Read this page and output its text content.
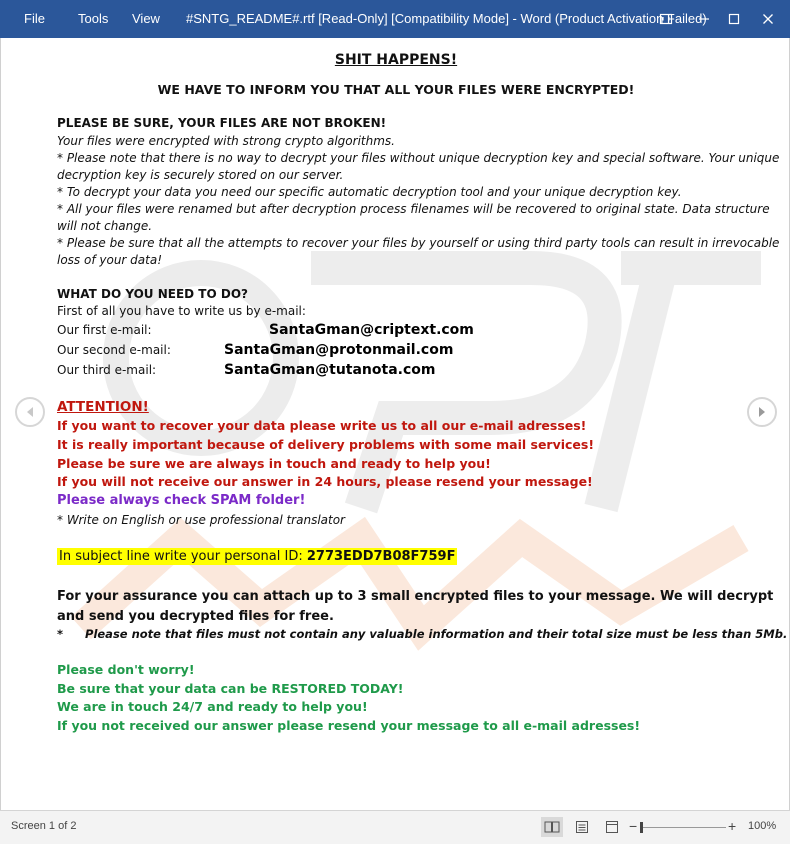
File	Tools View #SNTG_README#.rtf [Read-Only] [Compatibility Mode] - Word (Product Activation Failed)
SHIT HAPPENS!
WE HAVE TO INFORM YOU THAT ALL YOUR FILES WERE ENCRYPTED!
PLEASE BE SURE, YOUR FILES ARE NOT BROKEN!
Your files were encrypted with strong crypto algorithms.
* Please note that there is no way to decrypt your files without unique decryption key and special software. Your unique
decryption key is securely stored on our server.
* To decrypt your data you need our specific automatic decryption tool and your unique decryption key.
* All your files were renamed but after decryption process filenames will be recovered to original state. Data structure
will not change.
* Please be sure that all the attempts to recover your files by yourself or using third party tools can result in irrevocable
loss of your data!
WHAT DO YOU NEED TO DO?
First of all you have to write us by e-mail:
Our first e-mail:	SantaGman@criptext.com
Our second e-mail:	SantaGman@protonmail.com
Our third e-mail:	SantaGman@tutanota.com
ATTENTION!
If you want to recover your data please write us to all our e-mail adresses!
It is really important because of delivery problems with some mail services!
Please be sure we are always in touch and ready to help you!
If you will not receive our answer in 24 hours, please resend your message!
Please always check SPAM folder!
* Write on English or use professional translator
In subject line write your personal ID: 2773EDD7B08F759F
For your assurance you can attach up to 3 small encrypted files to your message. We will decrypt
and send you decrypted files for free.
* Please note that files must not contain any valuable information and their total size must be less than 5Mb.
Please don't worry!
Be sure that your data can be RESTORED TODAY!
We are in touch 24/7 and ready to help you!
If you not received our answer please resend your message to all e-mail adresses!
Screen 1 of 2	−	+ 100%
